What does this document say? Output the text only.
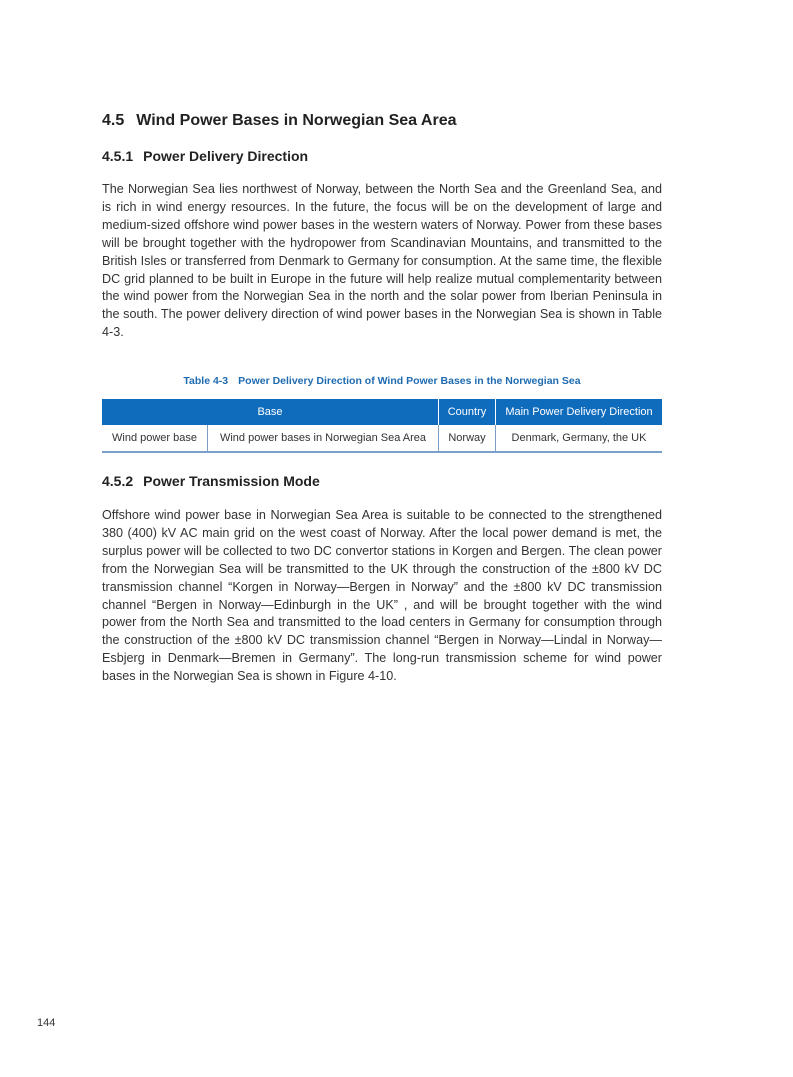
4.5 Wind Power Bases in Norwegian Sea Area
4.5.1 Power Delivery Direction
The Norwegian Sea lies northwest of Norway, between the North Sea and the Greenland Sea, and is rich in wind energy resources. In the future, the focus will be on the development of large and medium-sized offshore wind power bases in the western waters of Norway. Power from these bases will be brought together with the hydropower from Scandinavian Mountains, and transmitted to the British Isles or transferred from Denmark to Germany for consumption. At the same time, the flexible DC grid planned to be built in Europe in the future will help realize mutual complementarity between the wind power from the Norwegian Sea in the north and the solar power from Iberian Peninsula in the south. The power delivery direction of wind power bases in the Norwegian Sea is shown in Table 4-3.
Table 4-3 Power Delivery Direction of Wind Power Bases in the Norwegian Sea
Base		Country	Main Power Delivery Direction
Wind power base	Wind power bases in Norwegian Sea Area	Norway	Denmark, Germany, the UK
4.5.2 Power Transmission Mode
Offshore wind power base in Norwegian Sea Area is suitable to be connected to the strengthened 380 (400) kV AC main grid on the west coast of Norway. After the local power demand is met, the surplus power will be collected to two DC convertor stations in Korgen and Bergen. The clean power from the Norwegian Sea will be transmitted to the UK through the construction of the ±800 kV DC transmission channel “Korgen in Norway—Bergen in Norway” and the ±800 kV DC transmission channel “Bergen in Norway—Edinburgh in the UK” , and will be brought together with the wind power from the North Sea and transmitted to the load centers in Germany for consumption through the construction of the ±800 kV DC transmission channel “Bergen in Norway—Lindal in Norway—Esbjerg in Denmark—Bremen in Germany”. The long-run transmission scheme for wind power bases in the Norwegian Sea is shown in Figure 4-10.
144
